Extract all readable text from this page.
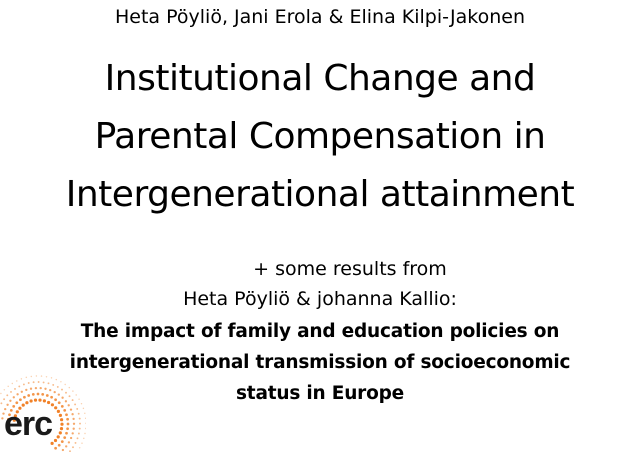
Heta Pöyliö, Jani Erola & Elina Kilpi-Jakonen
Institutional Change and
Parental Compensation in
Intergenerational attainment
+ some results from
Heta Pöyliö & johanna Kallio:
The impact of family and education policies on
intergenerational transmission of socioeconomic
status in Europe
erc
